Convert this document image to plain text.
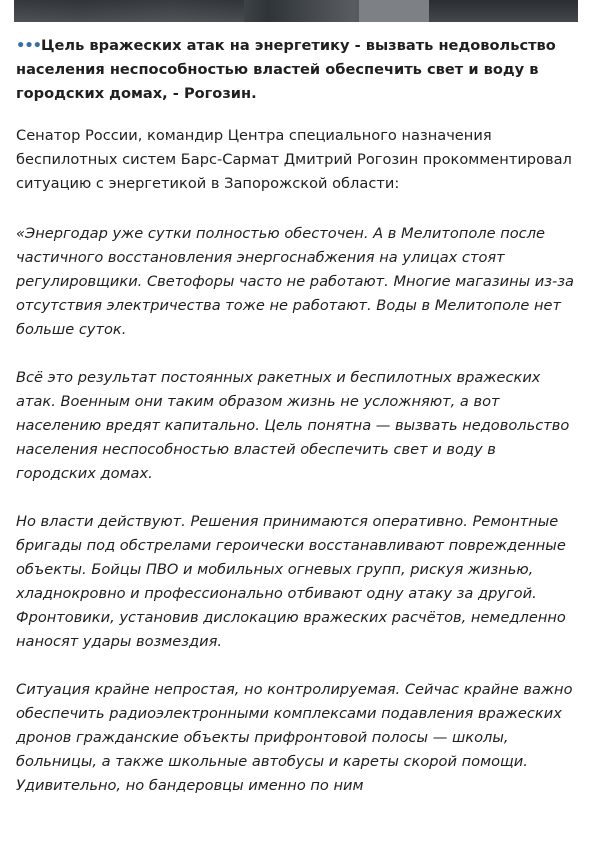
•••Цель вражеских атак на энергетику - вызвать недовольство населения неспособностью властей обеспечить свет и воду в городских домах, - Рогозин.

Сенатор России, командир Центра специального назначения беспилотных систем Барс-Сармат Дмитрий Рогозин прокомментировал ситуацию с энергетикой в Запорожской области:

«Энергодар уже сутки полностью обесточен. А в Мелитополе после частичного восстановления энергоснабжения на улицах стоят регулировщики. Светофоры часто не работают. Многие магазины из-за отсутствия электричества тоже не работают. Воды в Мелитополе нет больше суток.

Всё это результат постоянных ракетных и беспилотных вражеских атак. Военным они таким образом жизнь не усложняют, а вот населению вредят капитально. Цель понятна — вызвать недовольство населения неспособностью властей обеспечить свет и воду в городских домах.

Но власти действуют. Решения принимаются оперативно. Ремонтные бригады под обстрелами героически восстанавливают поврежденные объекты. Бойцы ПВО и мобильных огневых групп, рискуя жизнью, хладнокровно и профессионально отбивают одну атаку за другой. Фронтовики, установив дислокацию вражеских расчётов, немедленно наносят удары возмездия.

Ситуация крайне непростая, но контролируемая. Сейчас крайне важно обеспечить радиоэлектронными комплексами подавления вражеских дронов гражданские объекты прифронтовой полосы — школы, больницы, а также школьные автобусы и кареты скорой помощи. Удивительно, но бандеровцы именно по ним
